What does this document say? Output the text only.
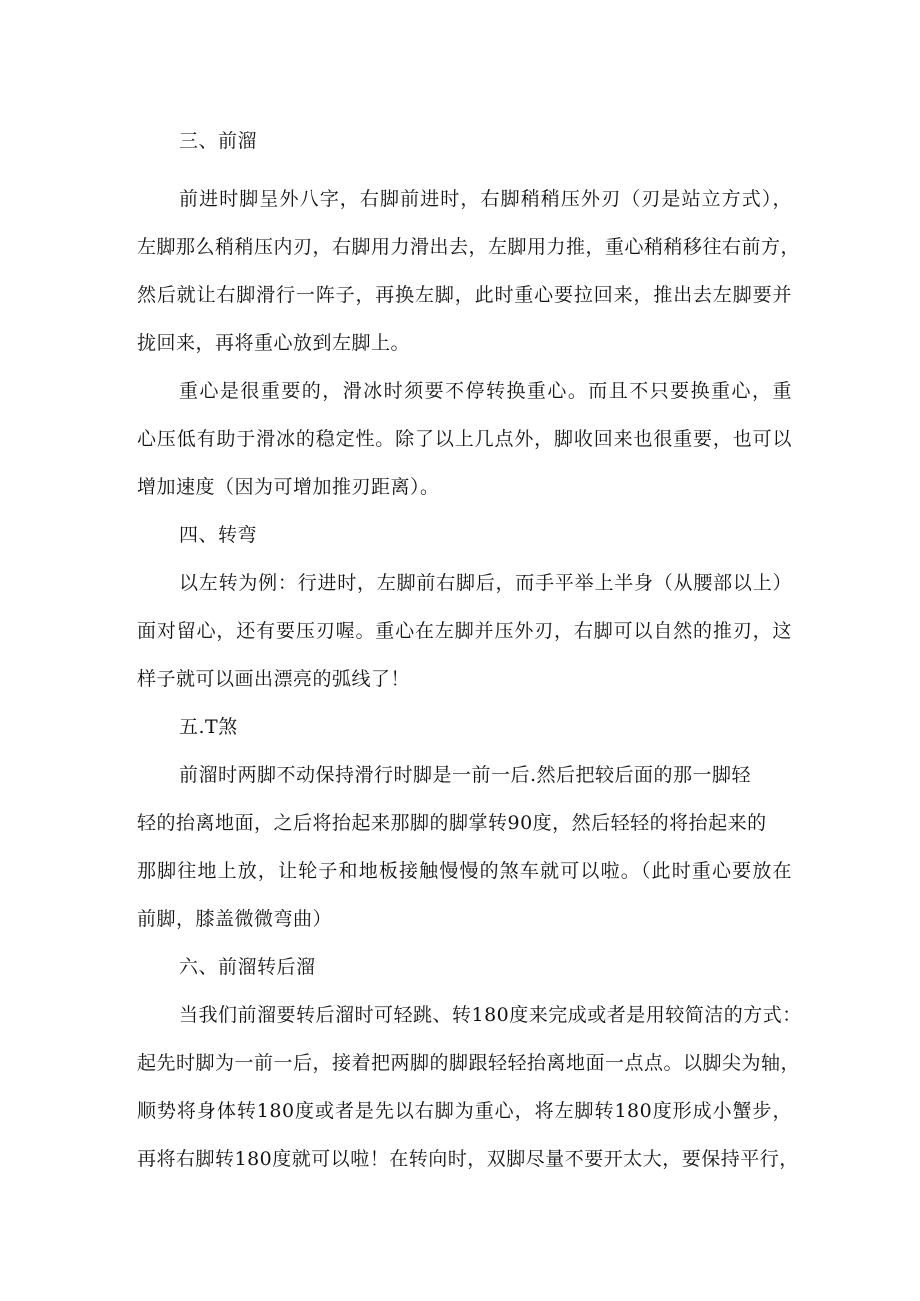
三、前溜
前进时脚呈外八字，右脚前进时，右脚稍稍压外刃（刃是站立方式），
左脚那么稍稍压内刃，右脚用力滑出去，左脚用力推，重心稍稍移往右前方，
然后就让右脚滑行一阵子，再换左脚，此时重心要拉回来，推出去左脚要并
拢回来，再将重心放到左脚上。
重心是很重要的，滑冰时须要不停转换重心。而且不只要换重心，重
心压低有助于滑冰的稳定性。除了以上几点外，脚收回来也很重要，也可以
增加速度（因为可增加推刃距离）。
四、转弯
以左转为例：行进时，左脚前右脚后，而手平举上半身（从腰部以上）
面对留心，还有要压刃喔。重心在左脚并压外刃，右脚可以自然的推刃，这
样子就可以画出漂亮的弧线了！
五.T煞
前溜时两脚不动保持滑行时脚是一前一后.然后把较后面的那一脚轻
轻的抬离地面，之后将抬起来那脚的脚掌转90度，然后轻轻的将抬起来的
那脚往地上放，让轮子和地板接触慢慢的煞车就可以啦。（此时重心要放在
前脚，膝盖微微弯曲）
六、前溜转后溜
当我们前溜要转后溜时可轻跳、转180度来完成或者是用较简洁的方式：
起先时脚为一前一后，接着把两脚的脚跟轻轻抬离地面一点点。以脚尖为轴，
顺势将身体转180度或者是先以右脚为重心，将左脚转180度形成小蟹步，
再将右脚转180度就可以啦！在转向时，双脚尽量不要开太大，要保持平行，
